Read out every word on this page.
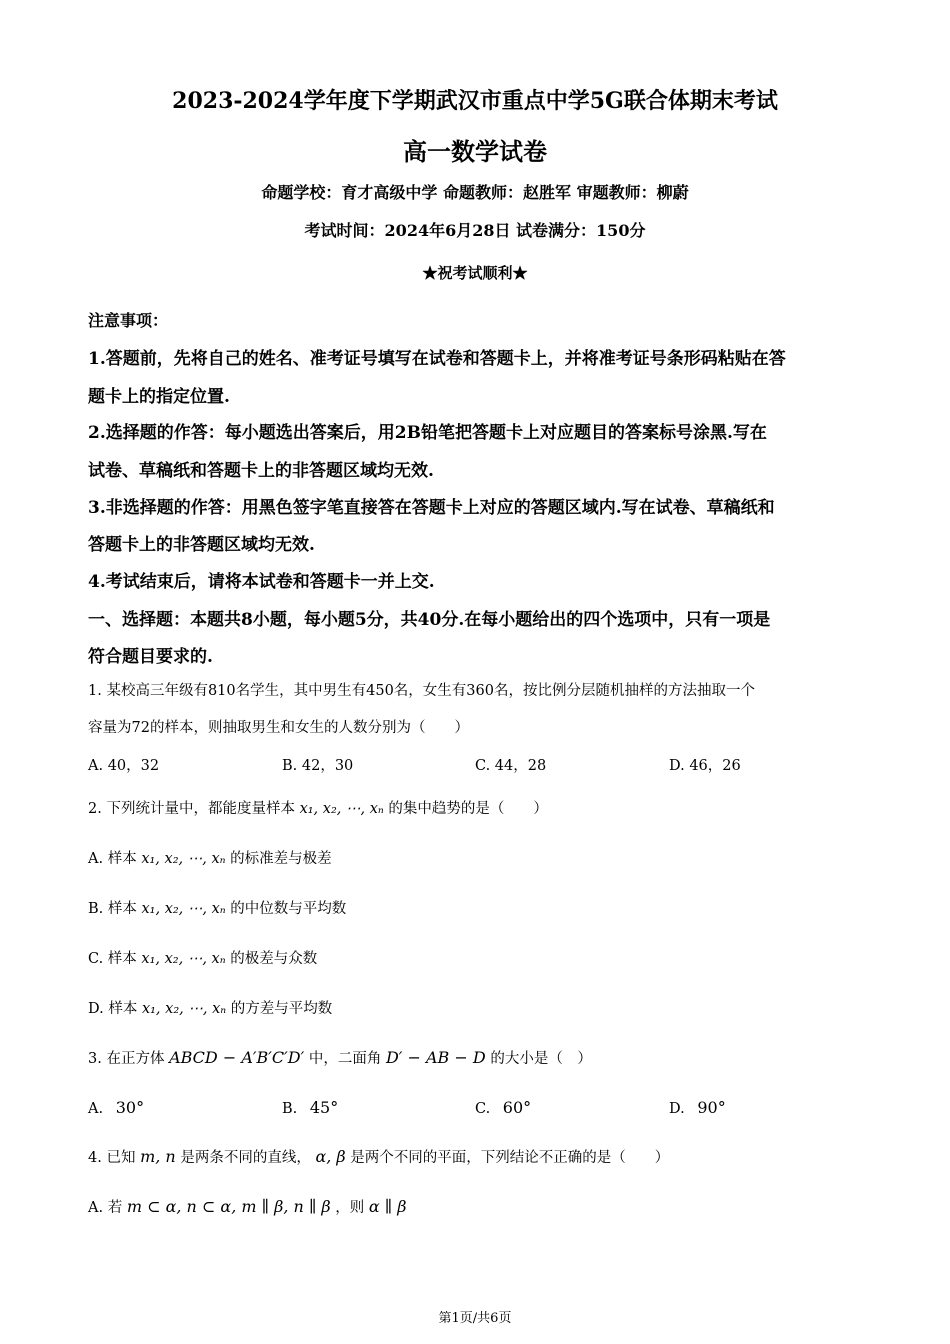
2023-2024学年度下学期武汉市重点中学5G联合体期末考试
高一数学试卷
命题学校：育才高级中学 命题教师：赵胜军 审题教师：柳蔚
考试时间：2024年6月28日 试卷满分：150分
★祝考试顺利★
注意事项：
1.答题前，先将自己的姓名、准考证号填写在试卷和答题卡上，并将准考证号条形码粘贴在答
题卡上的指定位置.
2.选择题的作答：每小题选出答案后，用2B铅笔把答题卡上对应题目的答案标号涂黑.写在
试卷、草稿纸和答题卡上的非答题区域均无效.
3.非选择题的作答：用黑色签字笔直接答在答题卡上对应的答题区域内.写在试卷、草稿纸和
答题卡上的非答题区域均无效.
4.考试结束后，请将本试卷和答题卡一并上交.
一、选择题：本题共8小题，每小题5分，共40分.在每小题给出的四个选项中，只有一项是
符合题目要求的.
1. 某校高三年级有810名学生，其中男生有450名，女生有360名，按比例分层随机抽样的方法抽取一个
容量为72的样本，则抽取男生和女生的人数分别为（　　）
A. 40，32	B. 42，30	C. 44，28	D. 46，26
2. 下列统计量中，都能度量样本 x₁, x₂, ⋯, xₙ 的集中趋势的是（　　）
A. 样本 x₁, x₂, ⋯, xₙ 的标准差与极差
B. 样本 x₁, x₂, ⋯, xₙ 的中位数与平均数
C. 样本 x₁, x₂, ⋯, xₙ 的极差与众数
D. 样本 x₁, x₂, ⋯, xₙ 的方差与平均数
3. 在正方体 ABCD − A′B′C′D′ 中，二面角 D′ − AB − D 的大小是（　）
A. 30°	B. 45°	C. 60°	D. 90°
4. 已知 m, n 是两条不同的直线， α, β 是两个不同的平面，下列结论不正确的是（　　）
A. 若 m ⊂ α, n ⊂ α, m ∥ β, n ∥ β ，则 α ∥ β
第1页/共6页
